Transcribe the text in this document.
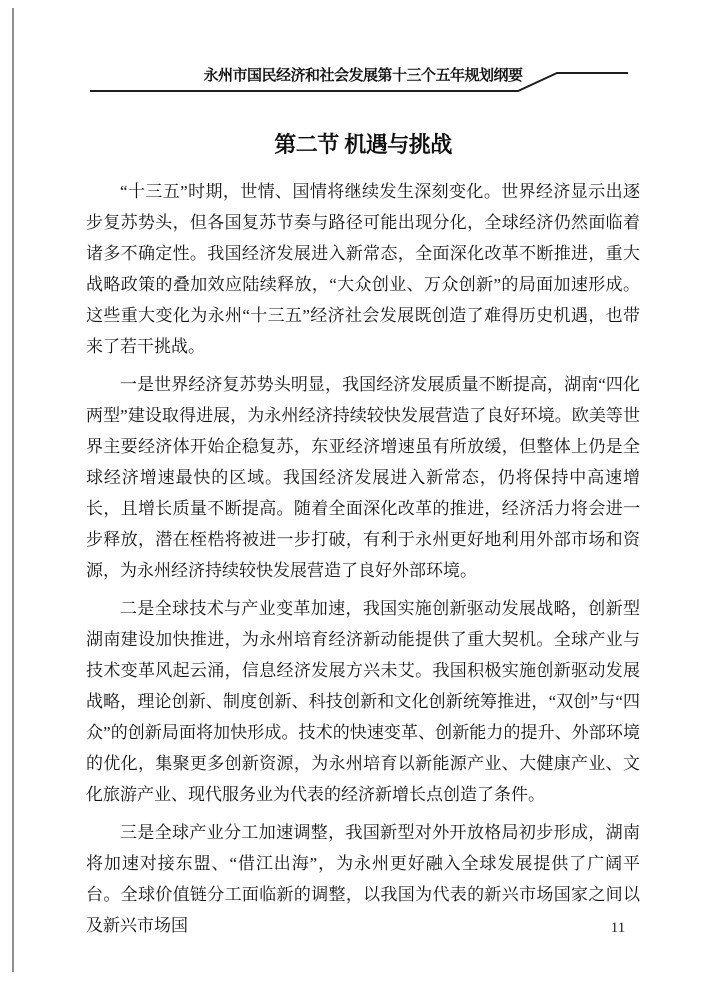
永州市国民经济和社会发展第十三个五年规划纲要
第二节 机遇与挑战

“十三五”时期，世情、国情将继续发生深刻变化。世界经济显示出逐步复苏势头，但各国复苏节奏与路径可能出现分化，全球经济仍然面临着诸多不确定性。我国经济发展进入新常态，全面深化改革不断推进，重大战略政策的叠加效应陆续释放，“大众创业、万众创新”的局面加速形成。这些重大变化为永州“十三五”经济社会发展既创造了难得历史机遇，也带来了若干挑战。

一是世界经济复苏势头明显，我国经济发展质量不断提高，湖南“四化两型”建设取得进展，为永州经济持续较快发展营造了良好环境。欧美等世界主要经济体开始企稳复苏，东亚经济增速虽有所放缓，但整体上仍是全球经济增速最快的区域。我国经济发展进入新常态，仍将保持中高速增长，且增长质量不断提高。随着全面深化改革的推进，经济活力将会进一步释放，潜在桎梏将被进一步打破，有利于永州更好地利用外部市场和资源，为永州经济持续较快发展营造了良好外部环境。

二是全球技术与产业变革加速，我国实施创新驱动发展战略，创新型湖南建设加快推进，为永州培育经济新动能提供了重大契机。全球产业与技术变革风起云涌，信息经济发展方兴未艾。我国积极实施创新驱动发展战略，理论创新、制度创新、科技创新和文化创新统筹推进，“双创”与“四众”的创新局面将加快形成。技术的快速变革、创新能力的提升、外部环境的优化，集聚更多创新资源，为永州培育以新能源产业、大健康产业、文化旅游产业、现代服务业为代表的经济新增长点创造了条件。

三是全球产业分工加速调整，我国新型对外开放格局初步形成，湖南将加速对接东盟、“借江出海”，为永州更好融入全球发展提供了广阔平台。全球价值链分工面临新的调整，以我国为代表的新兴市场国家之间以及新兴市场国	11
